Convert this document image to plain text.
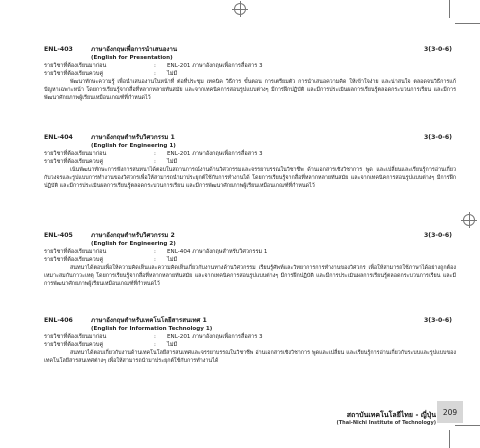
ENL-403	ภาษาอังกฤษเพื่อการนำเสนองาน	3(3-0-6)
(English for Presentation)
รายวิชาที่ต้องเรียนมาก่อน	: ENL-201 ภาษาอังกฤษเพื่อการสื่อสาร 3
รายวิชาที่ต้องเรียนควบคู่	: ไม่มี
พัฒนาทักษะความรู้ เพื่อนำเสนองานในหน้าที่ ต่อที่ประชุม เทคนิค วิธีการ ขั้นตอน การเตรียมตัว การนำเสนอความคิด ให้เข้าใจง่าย และน่าสนใจ ตลอดจนวิธีการแก้ปัญหาเฉพาะหน้า โดยการเรียนรู้จากสื่อที่หลากหลายทันสมัย และจากเทคนิคการสอนรูปแบบต่างๆ มีการฝึกปฏิบัติ และมีการประเมินผลการเรียนรู้ตลอดกระบวนการเรียน และมีการพัฒนาศักยภาพผู้เรียนเหมือนเกณฑ์ที่กำหนดไว้
ENL-404	ภาษาอังกฤษสำหรับวิศวกรรม 1	3(3-0-6)
(English for Engineering 1)
รายวิชาที่ต้องเรียนมาก่อน	: ENL-201 ภาษาอังกฤษเพื่อการสื่อสาร 3
รายวิชาที่ต้องเรียนควบคู่	: ไม่มี
เน้นพัฒนาทักษะการฟังการสนทนาได้ตอบในสถานการณ์งานด้านวิศวกรรมและจรรยาบรรณในวิชาชีพ ด้านเอกสารเชิงวิชาการ พูด และเปลี่ยนและเรียนรู้การอ่านเกี่ยวกับวงจรและรูปแบบการทำงานของวิศวกรเพื่อให้สามารถนำมาประยุกต์ใช้กับการทำงานได้ โดยการเรียนรู้จากสื่อที่หลากหลายทันสมัย และจากเทคนิคการสอนรูปแบบต่างๆ มีการฝึกปฏิบัติ และมีการประเมินผลการเรียนรู้ตลอดกระบวนการเรียน และมีการพัฒนาศักยภาพผู้เรียนเหมือนเกณฑ์ที่กำหนดไว้
ENL-405	ภาษาอังกฤษสำหรับวิศวกรรม 2	3(3-0-6)
(English for Engineering 2)
รายวิชาที่ต้องเรียนมาก่อน	: ENL-404 ภาษาอังกฤษสำหรับวิศวกรรม 1
รายวิชาที่ต้องเรียนควบคู่	: ไม่มี
สนทนาได้ตอบเพื่อให้ความคิดเห็นและความคิดเห็นเกี่ยวกับงานทางด้านวิศวกรรม เรียนรู้ศัพท์และวิทยาการการทำงานของวิศวกร เพื่อให้สามารถใช้ภาษาได้อย่างถูกต้องเหมาะสมกับภาวะเหตุ โดยการเรียนรู้จากสื่อที่หลากหลายทันสมัย และจากเทคนิคการสอนรูปแบบต่างๆ มีการฝึกปฏิบัติ และมีการประเมินผลการเรียนรู้ตลอดกระบวนการเรียน และมีการพัฒนาศักยภาพผู้เรียนเหมือนเกณฑ์ที่กำหนดไว้
ENL-406	ภาษาอังกฤษสำหรับเทคโนโลยีสารสนเทศ 1	3(3-0-6)
(English for Information Technology 1)
รายวิชาที่ต้องเรียนมาก่อน	: ENL-201 ภาษาอังกฤษเพื่อการสื่อสาร 3
รายวิชาที่ต้องเรียนควบคู่	: ไม่มี
สนทนาได้ตอบเกี่ยวกับงานด้านเทคโนโลยีสารสนเทศและจรรยาบรรณในวิชาชีพ อ่านเอกสารเชิงวิชาการ พูดและเปลี่ยน และเรียนรู้การอ่านเกี่ยวกับระบบและรูปแบบของเทคโนโลยีสารสนเทศต่างๆ เพื่อให้สามารถนำมาประยุกต์ใช้กับการทำงานได้
สถาบันเทคโนโลยีไทย - ญี่ปุ่น
(Thai-Nichi Institute of Technology)
209
